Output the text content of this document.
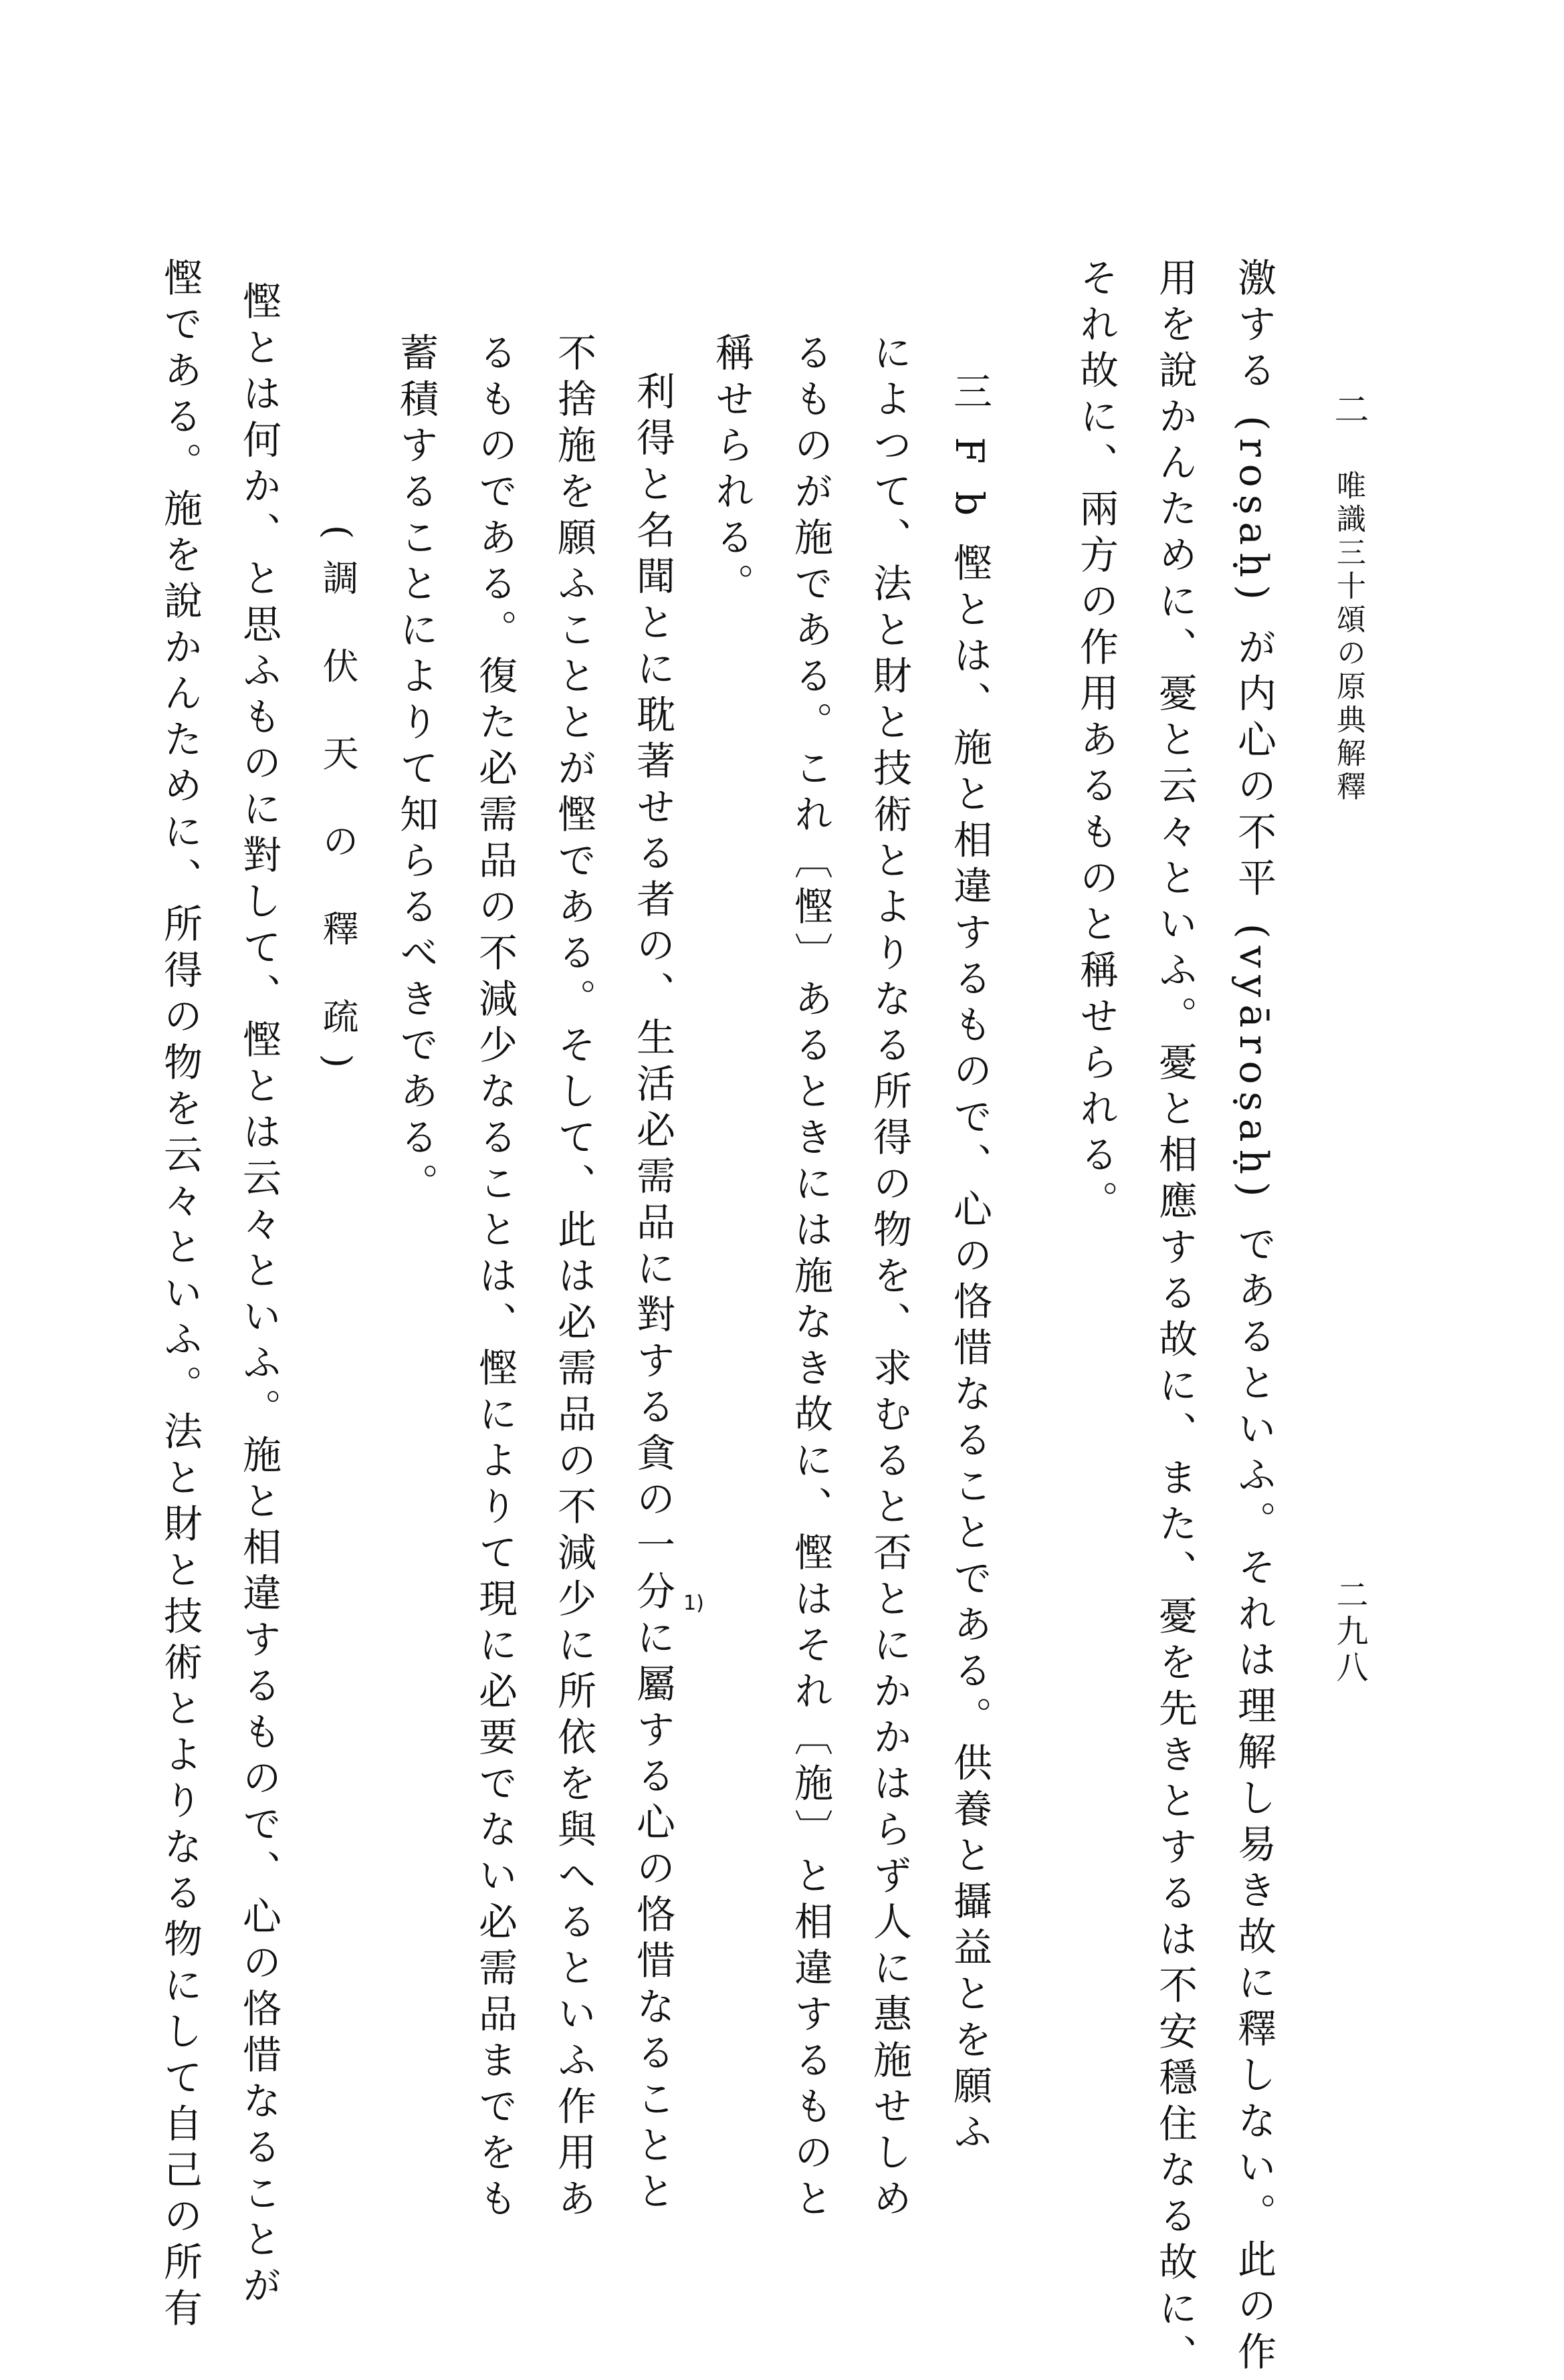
二 唯識三十頌の原典解釋
二九八
激する (roṣaḥ) が内心の不平 (vyāroṣaḥ) であるといふ。それは理解し易き故に釋しない。此の作
用を說かんために、憂と云々といふ。憂と相應する故に、また、憂を先きとするは不安穩住なる故に、
それ故に、兩方の作用あるものと稱せられる。
三 F b 慳とは、施と相違するもので、心の恪惜なることである。供養と攝益とを願ふ
によつて、法と財と技術とよりなる所得の物を、求むると否とにかかはらず人に惠施せしめ
るものが施である。これ〔慳〕あるときには施なき故に、慳はそれ〔施〕と相違するものと
稱せられる。
利得と名聞とに耽著せる者の、生活必需品に對する貪の一分に屬する心の恪惜なることと
不捨施を願ふこととが慳である。そして、此は必需品の不減少に所依を與へるといふ作用あ
るものである。復た必需品の不減少なることは、慳によりて現に必要でない必需品までをも
蓄積することによりて知らるべきである。
(調 伏 天 の 釋 疏)
慳とは何か、と思ふものに對して、慳とは云々といふ。施と相違するもので、心の恪惜なることが
慳である。施を說かんために、所得の物を云々といふ。法と財と技術とよりなる物にして自己の所有	1)
